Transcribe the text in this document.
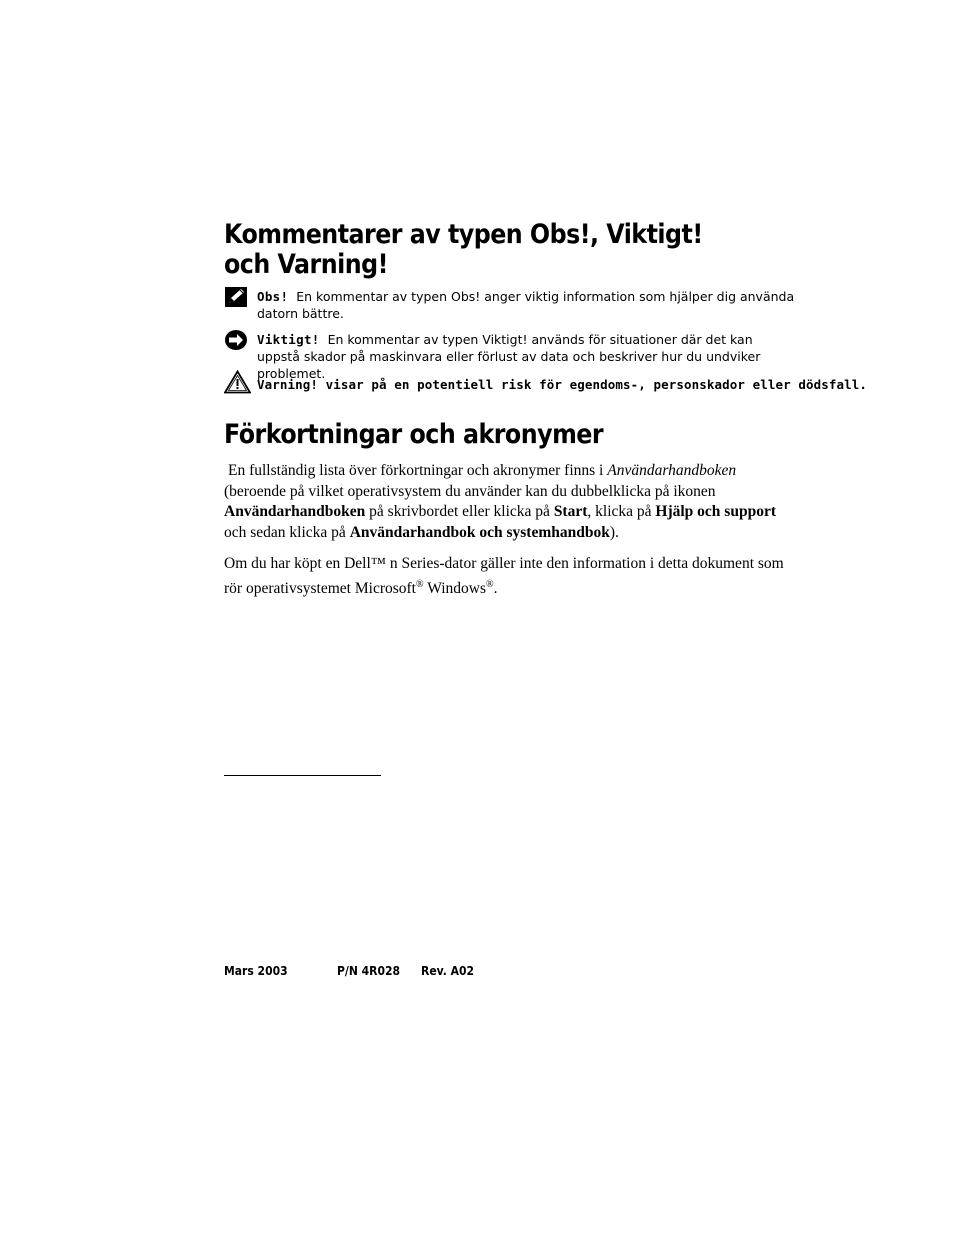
Kommentarer av typen Obs!, Viktigt!
och Varning!
Obs! En kommentar av typen Obs! anger viktig information som hjälper dig använda datorn bättre.
Viktigt! En kommentar av typen Viktigt! används för situationer där det kan uppstå skador på maskinvara eller förlust av data och beskriver hur du undviker problemet.
Varning! visar på en potentiell risk för egendoms-, personskador eller dödsfall.
Förkortningar och akronymer
En fullständig lista över förkortningar och akronymer finns i Användarhandboken (beroende på vilket operativsystem du använder kan du dubbelklicka på ikonen Användarhandboken på skrivbordet eller klicka på Start, klicka på Hjälp och support och sedan klicka på Användarhandbok och systemhandbok).
Om du har köpt en Dell™ n Series-dator gäller inte den information i detta dokument som rör operativsystemet Microsoft® Windows®.
Mars 2003	P/N 4R028 Rev. A02
